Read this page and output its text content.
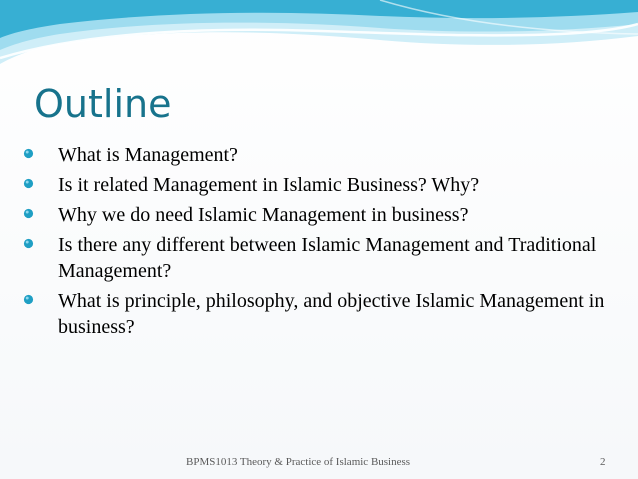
Outline
What is Management?
Is it related Management in Islamic Business? Why?
Why we do need Islamic Management in business?
Is there any different between Islamic Management and Traditional Management?
What is principle, philosophy, and objective Islamic Management in business?
BPMS1013 Theory & Practice of Islamic Business	2
